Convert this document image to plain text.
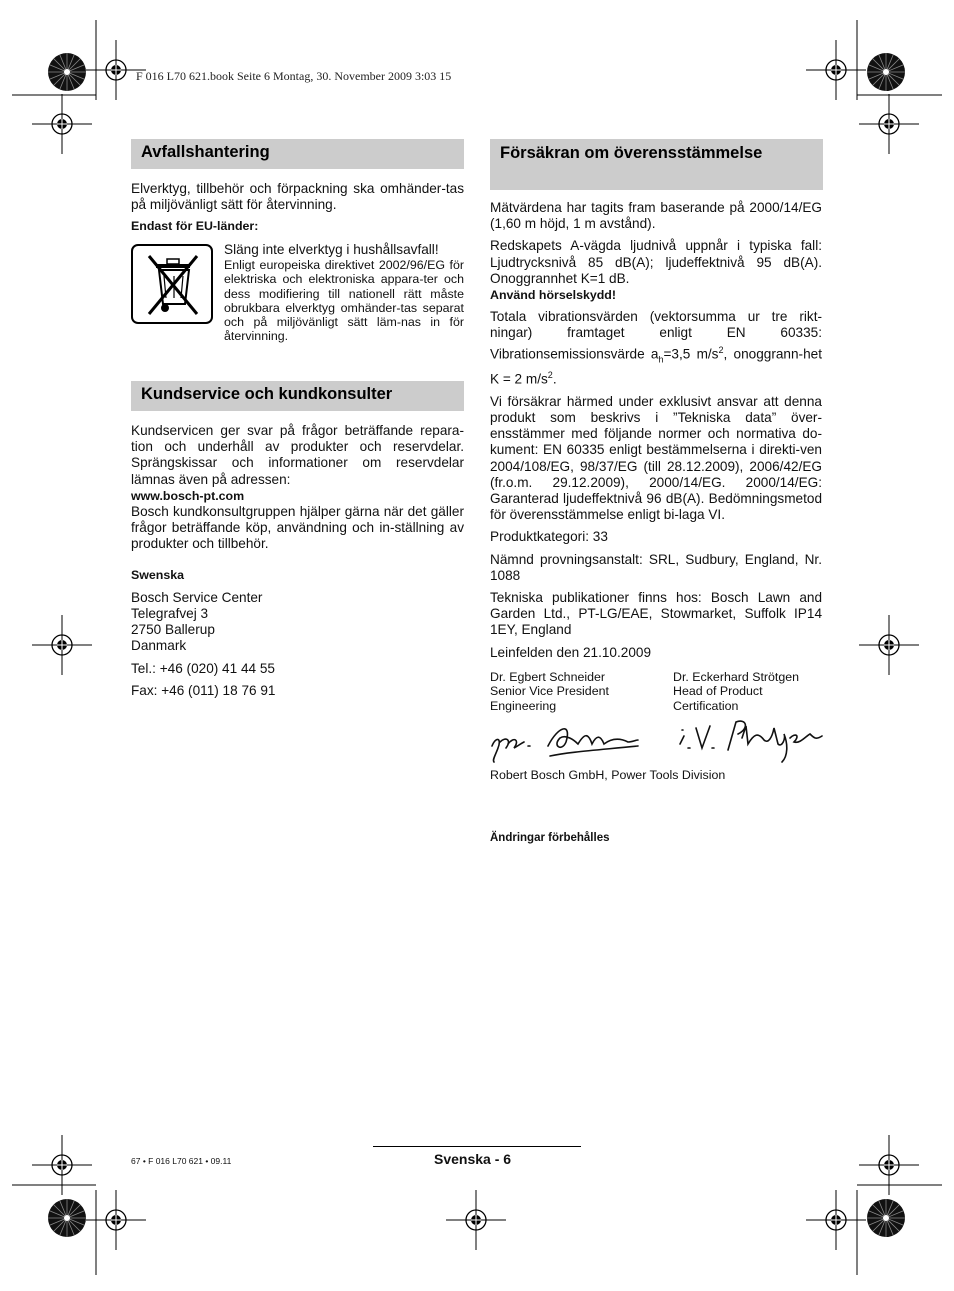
F 016 L70 621.book Seite 6 Montag, 30. November 2009 3:03 15
Avfallshantering

Elverktyg, tillbehör och förpackning ska omhänder-tas på miljövänligt sätt för återvinning.

Endast för EU-länder:

Släng inte elverktyg i hushållsavfall!

Enligt europeiska direktivet 2002/96/EG för elektriska och elektroniska appara-ter och dess modifiering till nationell rätt måste obrukbara elverktyg omhänder-tas separat och på miljövänligt sätt läm-nas in för återvinning.

Kundservice och kundkonsulter

Kundservicen ger svar på frågor beträffande repara-tion och underhåll av produkter och reservdelar. Sprängskissar och informationer om reservdelar lämnas även på adressen:

www.bosch-pt.com

Bosch kundkonsultgruppen hjälper gärna när det gäller frågor beträffande köp, användning och in-ställning av produkter och tillbehör.

Swenska

Bosch Service Center

Telegrafvej 3

2750 Ballerup

Danmark

Tel.: +46 (020) 41 44 55

Fax: +46 (011) 18 76 91

Försäkran om överensstämmelse

Mätvärdena har tagits fram baserande på 2000/14/EG (1,60 m höjd, 1 m avstånd).

Redskapets A-vägda ljudnivå uppnår i typiska fall: Ljudtrycksnivå 85 dB(A); ljudeffektnivå 95 dB(A). Onoggrannhet K=1 dB.

Använd hörselskydd!

Totala vibrationsvärden (vektorsumma ur tre rikt-ningar) framtaget enligt EN 60335: Vibrationsemissionsvärde $a_h=3,5$ $m/s^2$, onoggrann-het K = 2 $m/s^2$.

Vi försäkrar härmed under exklusivt ansvar att denna produkt som beskrivs i ”Tekniska data” över-ensstämmer med följande normer och normativa do-kument: EN 60335 enligt bestämmelserna i direkti-ven 2004/108/EG, 98/37/EG (till 28.12.2009), 2006/42/EG (fr.o.m. 29.12.2009), 2000/14/EG. 2000/14/EG: Garanterad ljudeffektnivå 96 dB(A). Bedömningsmetod för överensstämmelse enligt bi-laga VI.

Produktkategori: 33

Nämnd provningsanstalt: SRL, Sudbury, England, Nr. 1088

Tekniska publikationer finns hos: Bosch Lawn and Garden Ltd., PT-LG/EAE, Stowmarket, Suffolk IP14 1EY, England

Leinfelden den 21.10.2009

Dr. Egbert Schneider

Senior Vice President

Engineering

Dr. Eckerhard Strötgen

Head of Product

Certification

Robert Bosch GmbH, Power Tools Division
Ändringar förbehålles
67 • F 016 L70 621 • 09.11	Svenska - 6
